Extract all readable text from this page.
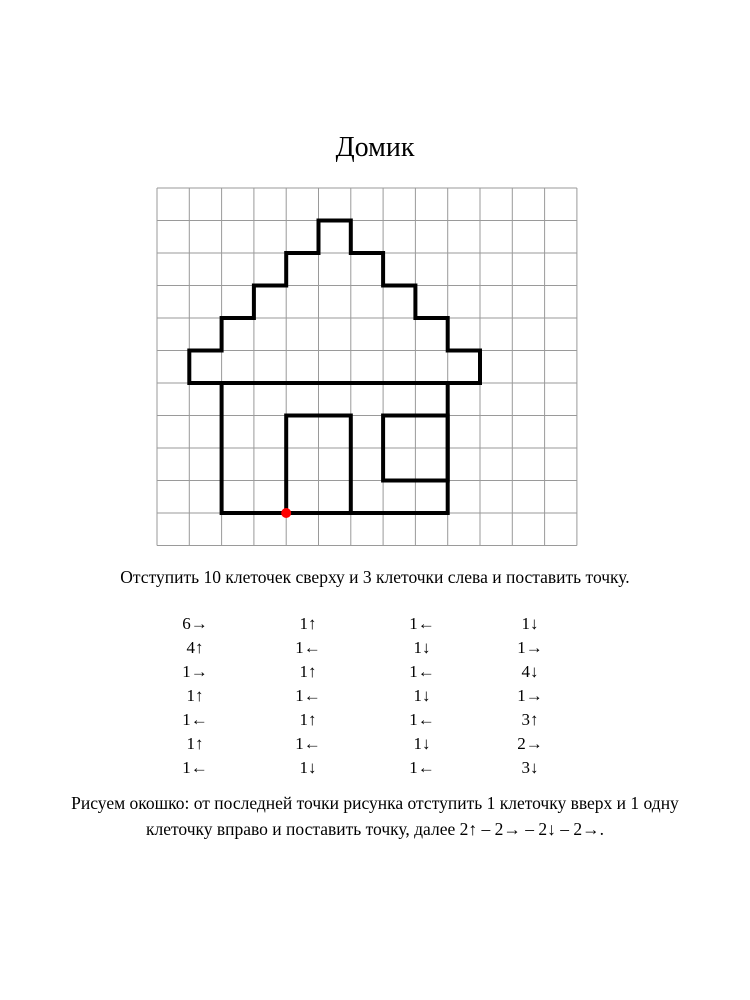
Домик
Отступить 10 клеточек сверху и 3 клеточки слева и поставить точку.
6→
4↑
1→
1↑
1←
1↑
1←
1↑
1←
1↑
1←
1↑
1←
1↓
1←
1↓
1←
1↓
1←
1↓
1←
1↓
1→
4↓
1→
3↑
2→
3↓
Рисуем окошко: от последней точки рисунка отступить 1 клеточку вверх и 1 одну клеточку вправо и поставить точку, далее 2↑ – 2→ – 2↓ – 2→.
